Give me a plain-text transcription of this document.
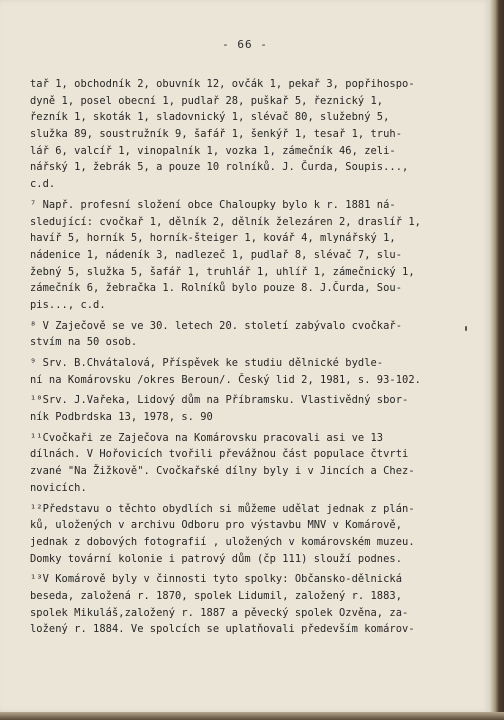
- 66 -
tař 1, obchodník 2, obuvník 12, ovčák 1, pekař 3, popřihospo-
dyně 1, posel obecní 1, pudlař 28, puškař 5, řeznický 1,
řezník 1, skoták 1, sladovnický 1, slévač 80, služebný 5,
služka 89, soustružník 9, šafář 1, šenkýř 1, tesař 1, truh-
lář 6, valcíř 1, vinopalník 1, vozka 1, zámečník 46, zeli-
nářský 1, žebrák 5, a pouze 10 rolníků. J. Čurda, Soupis...,
c.d.
⁷ Např. profesní složení obce Chaloupky bylo k r. 1881 ná-
sledující: cvočkař 1, dělník 2, dělník železáren 2, draslíř 1,
havíř 5, horník 5, horník-šteiger 1, kovář 4, mlynářský 1,
nádenice 1, nádeník 3, nadlezeč 1, pudlař 8, slévač 7, slu-
žebný 5, služka 5, šafář 1, truhlář 1, uhlíř 1, zámečnický 1,
zámečník 6, žebračka 1. Rolníků bylo pouze 8. J.Čurda, Sou-
pis..., c.d.
⁸ V Zaječově se ve 30. letech 20. století zabývalo cvočkař-
stvím na 50 osob.
⁹ Srv. B.Chvátalová, Příspěvek ke studiu dělnické bydle-
ní na Komárovsku /okres Beroun/. Český lid 2, 1981, s. 93-102.
¹⁰Srv. J.Vařeka, Lidový dům na Příbramsku. Vlastivědný sbor-
ník Podbrdska 13, 1978, s. 90
¹¹Cvočkaři ze Zaječova na Komárovsku pracovali asi ve 13
dílnách. V Hořovicích tvořili převážnou část populace čtvrti
zvané "Na Žižkově". Cvočkařské dílny byly i v Jincích a Chez-
novicích.
¹²Představu o těchto obydlích si můžeme udělat jednak z plán-
ků, uložených v archivu Odboru pro výstavbu MNV v Komárově,
jednak z dobových fotografií , uložených v komárovském muzeu.
Domky tovární kolonie i patrový dům (čp 111) slouží podnes.
¹³V Komárově byly v činnosti tyto spolky: Občansko-dělnická
beseda, založená r. 1870, spolek Lidumil, založený r. 1883,
spolek Mikuláš,založený r. 1887 a pěvecký spolek Ozvěna, za-
ložený r. 1884. Ve spolcích se uplatňovali především komárov-
